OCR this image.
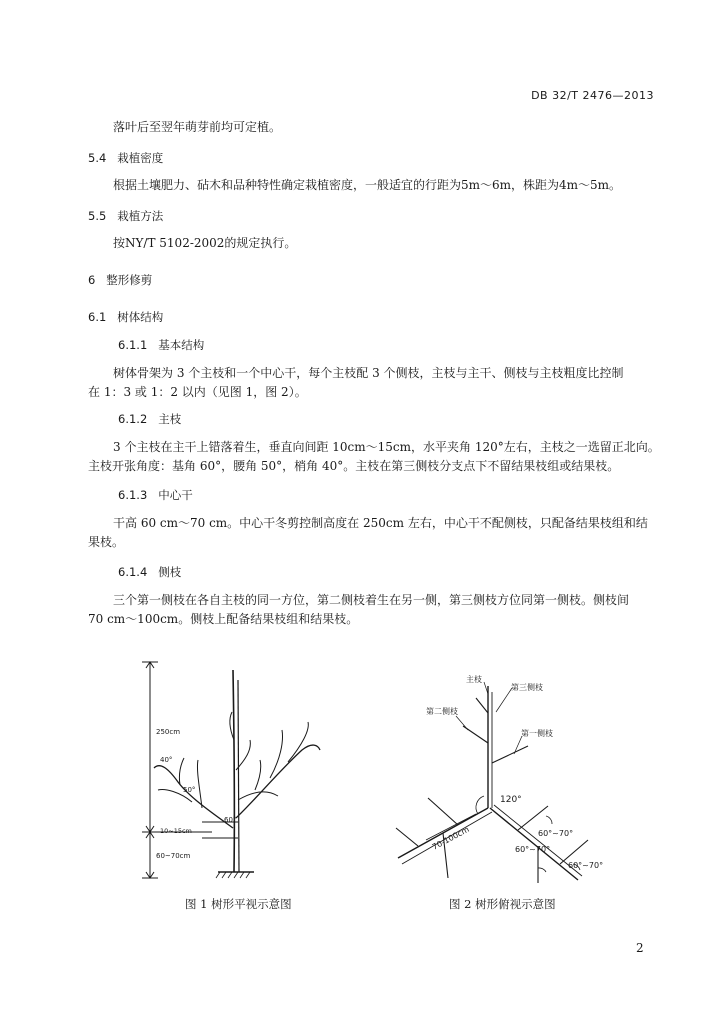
DB 32/T 2476—2013
落叶后至翌年萌芽前均可定植。
5.4 栽植密度
根据土壤肥力、砧木和品种特性确定栽植密度，一般适宜的行距为5m～6m，株距为4m～5m。
5.5 栽植方法
按NY/T 5102-2002的规定执行。
6 整形修剪
6.1 树体结构
6.1.1 基本结构
树体骨架为 3 个主枝和一个中心干，每个主枝配 3 个侧枝，主枝与主干、侧枝与主枝粗度比控制
在 1：3 或 1：2 以内（见图 1，图 2）。
6.1.2 主枝
3 个主枝在主干上错落着生，垂直向间距 10cm～15cm，水平夹角 120°左右，主枝之一选留正北向。
主枝开张角度：基角 60°，腰角 50°，梢角 40°。主枝在第三侧枝分支点下不留结果枝组或结果枝。
6.1.3 中心干
干高 60 cm～70 cm。中心干冬剪控制高度在 250cm 左右，中心干不配侧枝，只配备结果枝组和结
果枝。
6.1.4 侧枝
三个第一侧枝在各自主枝的同一方位，第二侧枝着生在另一侧，第三侧枝方位同第一侧枝。侧枝间
70 cm～100cm。侧枝上配备结果枝组和结果枝。
250cm
40°
50°
60°
10~15cm
60~70cm
主枝
第三侧枝
第二侧枝
第一侧枝
120°
70-100cm	60°~70°
60°~70°
60°~70°
图 1 树形平视示意图	图 2 树形俯视示意图
2
